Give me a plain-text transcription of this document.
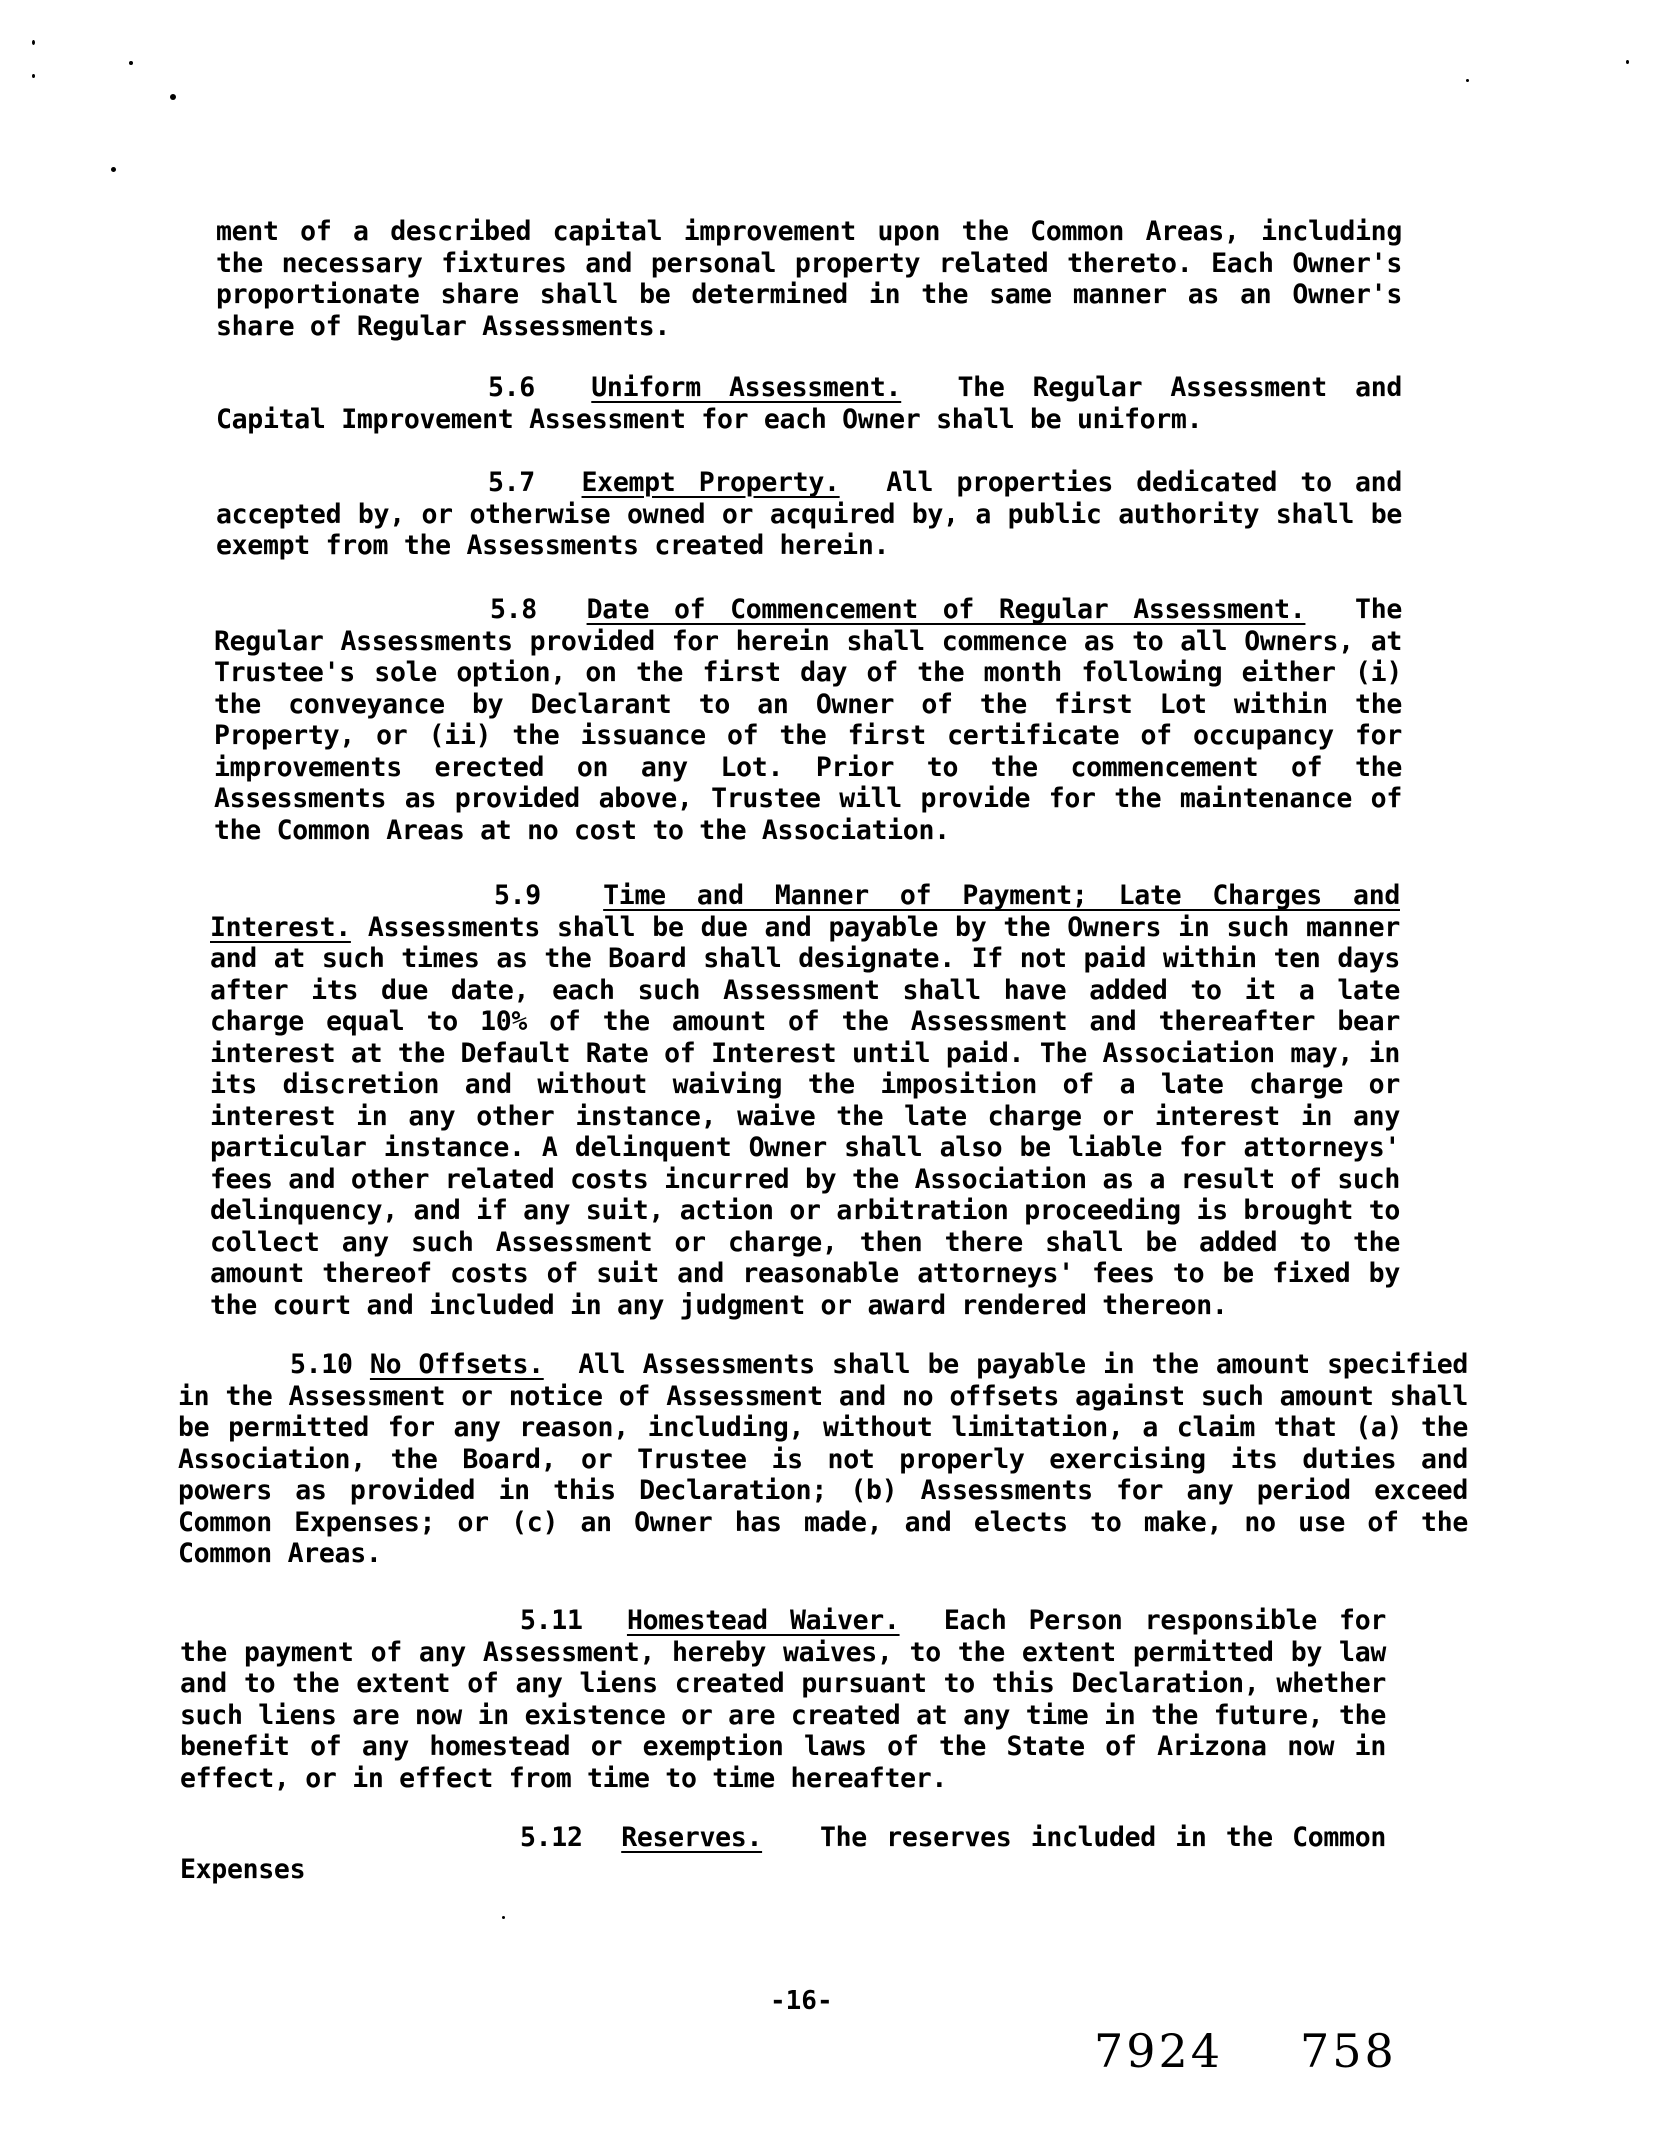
ment of a described capital improvement upon the Common Areas, including the necessary fixtures and personal property related thereto. Each Owner's proportionate share shall be determined in the same manner as an Owner's share of Regular Assessments.

5.6 Uniform Assessment. The Regular Assessment and Capital Improvement Assessment for each Owner shall be uniform.

5.7 Exempt Property. All properties dedicated to and accepted by, or otherwise owned or acquired by, a public authority shall be exempt from the Assessments created herein.

5.8 Date of Commencement of Regular Assessment. The Regular Assessments provided for herein shall commence as to all Owners, at Trustee's sole option, on the first day of the month following either (i) the conveyance by Declarant to an Owner of the first Lot within the Property, or (ii) the issuance of the first certificate of occupancy for improvements erected on any Lot. Prior to the commencement of the Assessments as provided above, Trustee will provide for the maintenance of the Common Areas at no cost to the Association.

5.9 Time and Manner of Payment; Late Charges and Interest. Assessments shall be due and payable by the Owners in such manner and at such times as the Board shall designate. If not paid within ten days after its due date, each such Assessment shall have added to it a late charge equal to 10% of the amount of the Assessment and thereafter bear interest at the Default Rate of Interest until paid. The Association may, in its discretion and without waiving the imposition of a late charge or interest in any other instance, waive the late charge or interest in any particular instance. A delinquent Owner shall also be liable for attorneys' fees and other related costs incurred by the Association as a result of such delinquency, and if any suit, action or arbitration proceeding is brought to collect any such Assessment or charge, then there shall be added to the amount thereof costs of suit and reasonable attorneys' fees to be fixed by the court and included in any judgment or award rendered thereon.

5.10 No Offsets. All Assessments shall be payable in the amount specified in the Assessment or notice of Assessment and no offsets against such amount shall be permitted for any reason, including, without limitation, a claim that (a) the Association, the Board, or Trustee is not properly exercising its duties and powers as provided in this Declaration; (b) Assessments for any period exceed Common Expenses; or (c) an Owner has made, and elects to make, no use of the Common Areas.

5.11 Homestead Waiver. Each Person responsible for the payment of any Assessment, hereby waives, to the extent permitted by law and to the extent of any liens created pursuant to this Declaration, whether such liens are now in existence or are created at any time in the future, the benefit of any homestead or exemption laws of the State of Arizona now in effect, or in effect from time to time hereafter.

5.12 Reserves. The reserves included in the Common Expenses

-16-
7924 758
